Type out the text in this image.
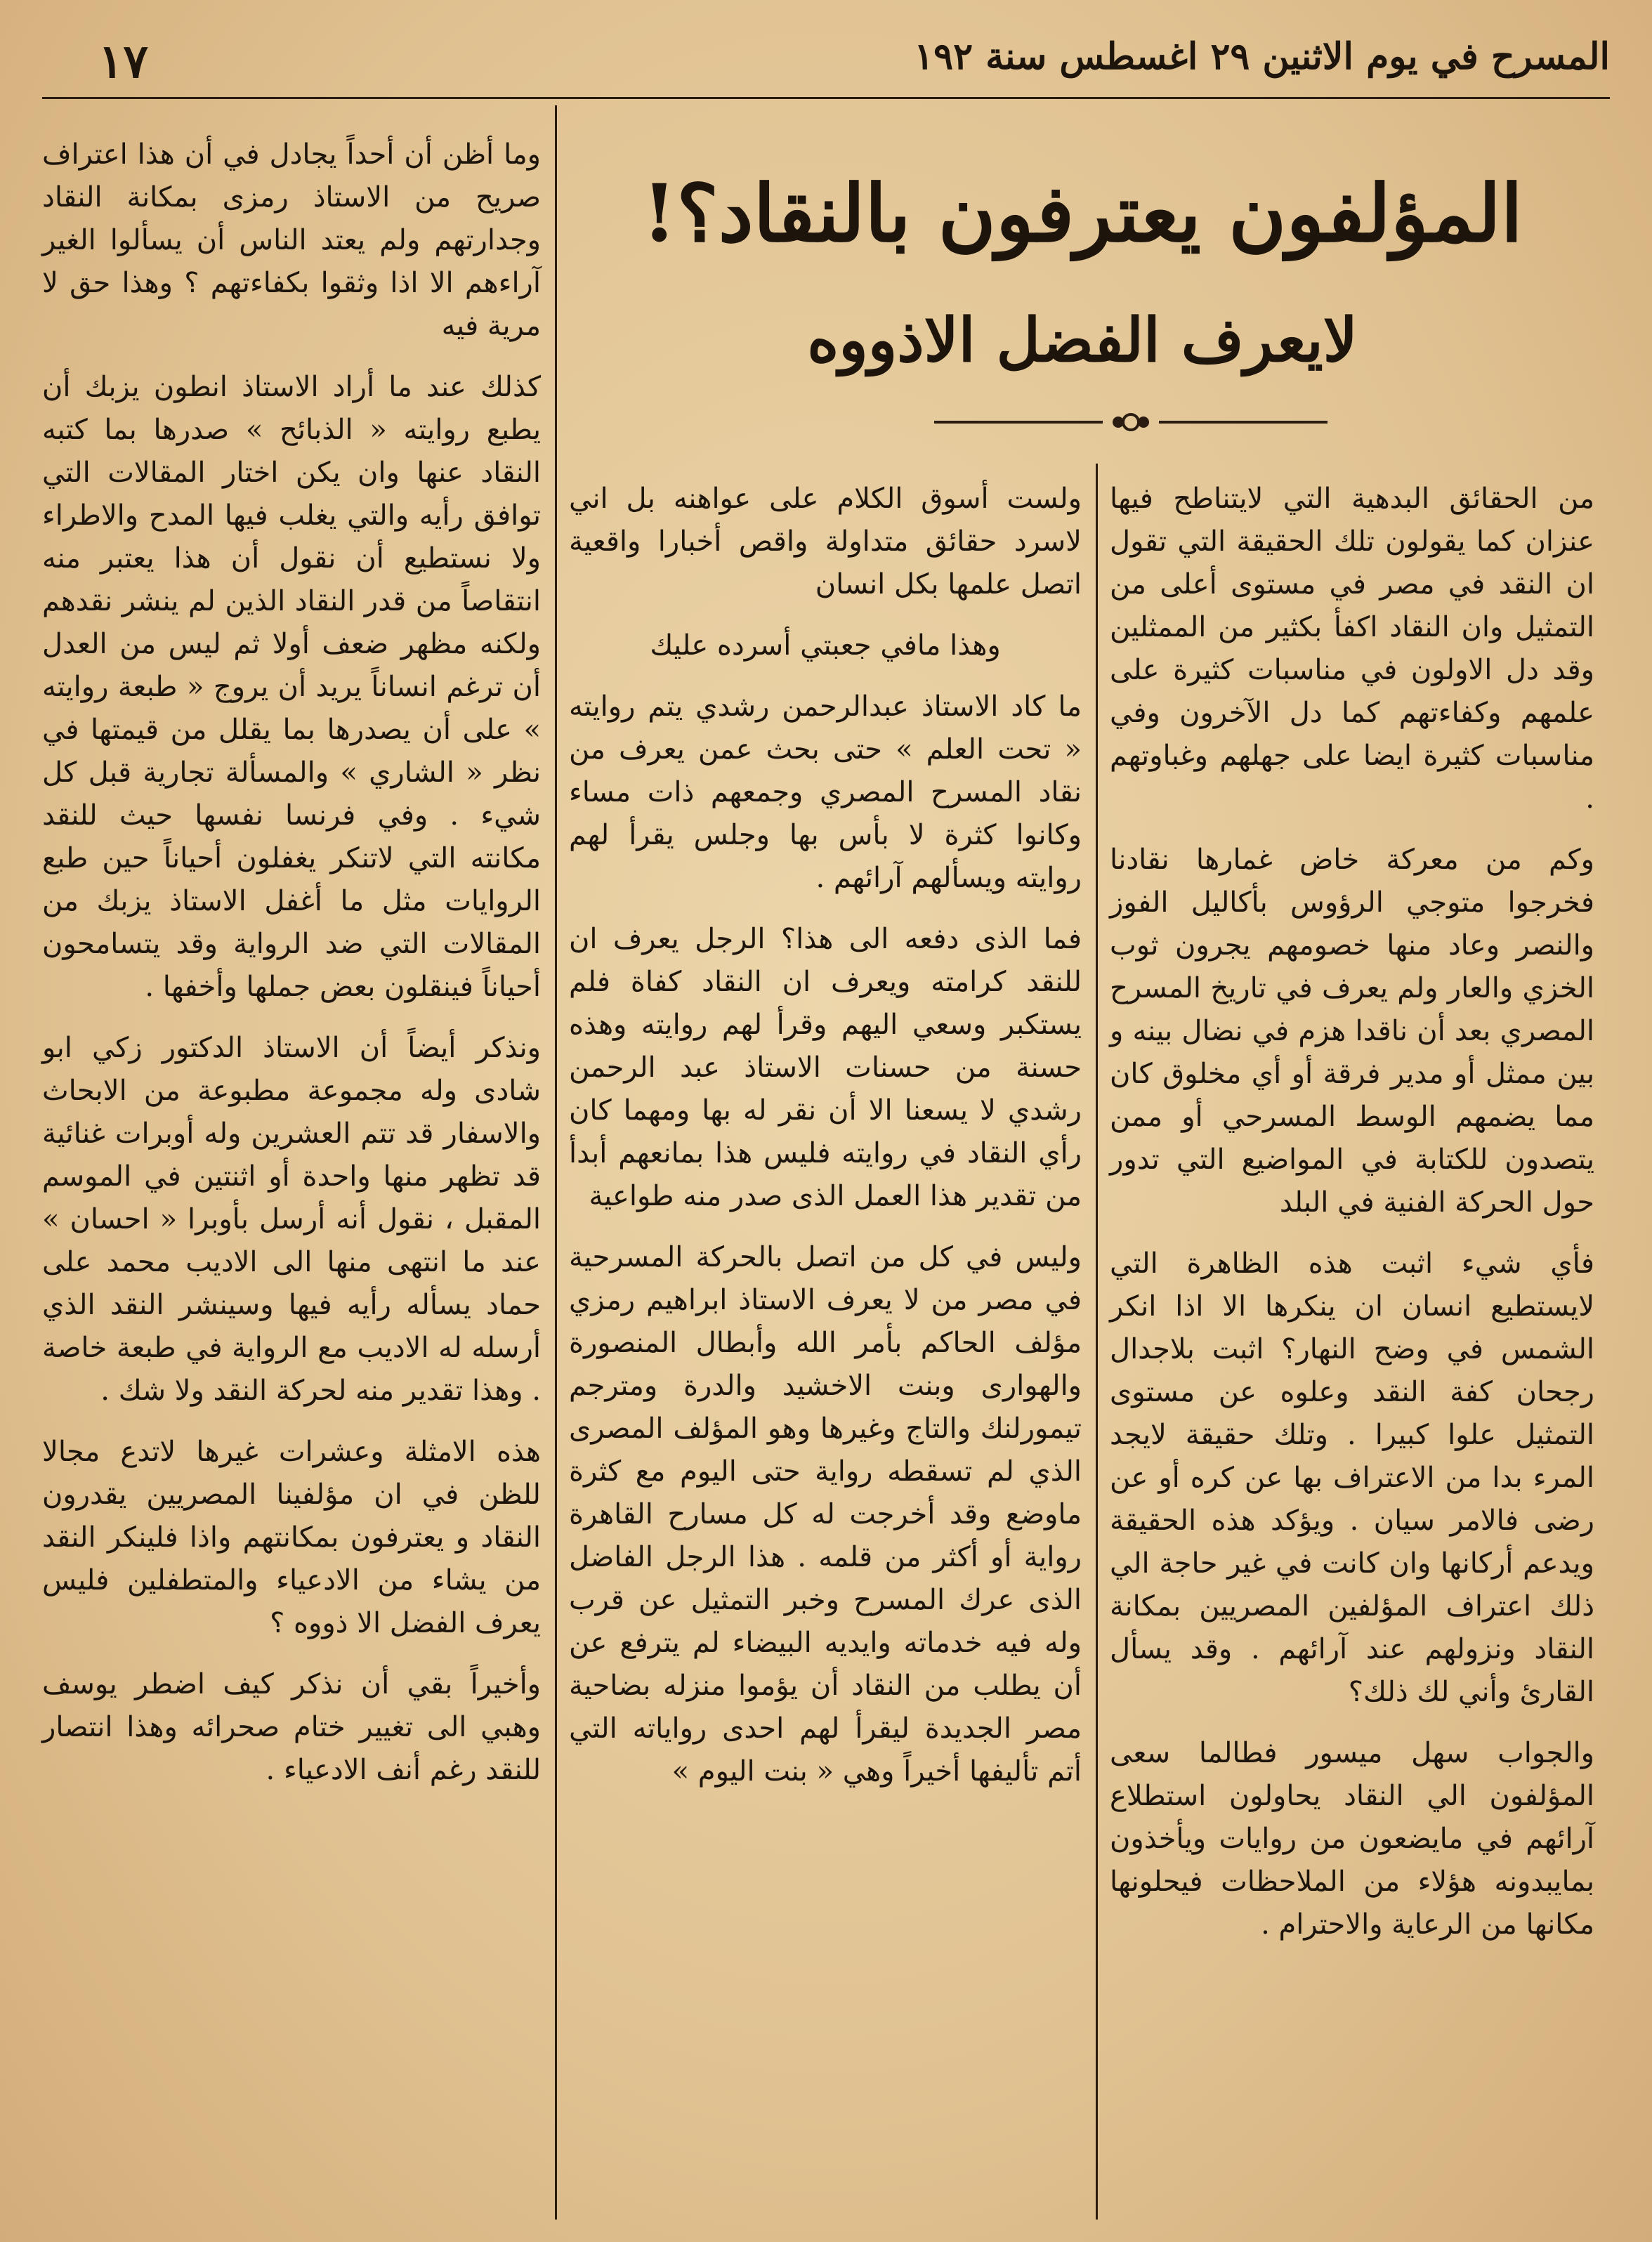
١٧	المسرح في يوم الاثنين ٢٩ اغسطس سنة ١٩٢
المؤلفون يعترفون بالنقاد؟!
لايعرف الفضل الاذووه

من الحقائق البدهية التي لايتناطح فيها عنزان كما يقولون تلك الحقيقة التي تقول ان النقد في مصر في مستوى أعلى من التمثيل وان النقاد اكفأ بكثير من الممثلين وقد دل الاولون في مناسبات كثيرة على علمهم وكفاءتهم كما دل الآخرون وفي مناسبات كثيرة ايضا على جهلهم وغباوتهم .

وكم من معركة خاض غمارها نقادنا فخرجوا متوجي الرؤوس بأكاليل الفوز والنصر وعاد منها خصومهم يجرون ثوب الخزي والعار ولم يعرف في تاريخ المسرح المصري بعد أن ناقدا هزم في نضال بينه و بين ممثل أو مدير فرقة أو أي مخلوق كان مما يضمهم الوسط المسرحي أو ممن يتصدون للكتابة في المواضيع التي تدور حول الحركة الفنية في البلد

فأي شيء اثبت هذه الظاهرة التي لايستطيع انسان ان ينكرها الا اذا انكر الشمس في وضح النهار؟ اثبت بلاجدال رجحان كفة النقد وعلوه عن مستوى التمثيل علوا كبيرا . وتلك حقيقة لايجد المرء بدا من الاعتراف بها عن كره أو عن رضى فالامر سيان . ويؤكد هذه الحقيقة ويدعم أركانها وان كانت في غير حاجة الي ذلك اعتراف المؤلفين المصريين بمكانة النقاد ونزولهم عند آرائهم . وقد يسأل القارئ وأني لك ذلك؟

والجواب سهل ميسور فطالما سعى المؤلفون الي النقاد يحاولون استطلاع آرائهم في مايضعون من روايات ويأخذون بمايبدونه هؤلاء من الملاحظات فيحلونها مكانها من الرعاية والاحترام .

ولست أسوق الكلام على عواهنه بل اني لاسرد حقائق متداولة واقص أخبارا واقعية اتصل علمها بكل انسان

وهذا مافي جعبتي أسرده عليك

ما كاد الاستاذ عبدالرحمن رشدي يتم روايته « تحت العلم » حتى بحث عمن يعرف من نقاد المسرح المصري وجمعهم ذات مساء وكانوا كثرة لا بأس بها وجلس يقرأ لهم روايته ويسألهم آرائهم .

فما الذى دفعه الى هذا؟ الرجل يعرف ان للنقد كرامته ويعرف ان النقاد كفاة فلم يستكبر وسعي اليهم وقرأ لهم روايته وهذه حسنة من حسنات الاستاذ عبد الرحمن رشدي لا يسعنا الا أن نقر له بها ومهما كان رأي النقاد في روايته فليس هذا بمانعهم أبدأ من تقدير هذا العمل الذى صدر منه طواعية

وليس في كل من اتصل بالحركة المسرحية في مصر من لا يعرف الاستاذ ابراهيم رمزي مؤلف الحاكم بأمر الله وأبطال المنصورة والهوارى وبنت الاخشيد والدرة ومترجم تيمورلنك والتاج وغيرها وهو المؤلف المصرى الذي لم تسقطه رواية حتى اليوم مع كثرة ماوضع وقد أخرجت له كل مسارح القاهرة رواية أو أكثر من قلمه . هذا الرجل الفاضل الذى عرك المسرح وخبر التمثيل عن قرب وله فيه خدماته وايديه البيضاء لم يترفع عن أن يطلب من النقاد أن يؤموا منزله بضاحية مصر الجديدة ليقرأ لهم احدى رواياته التي أتم تأليفها أخيراً وهي « بنت اليوم »

وما أظن أن أحداً يجادل في أن هذا اعتراف صريح من الاستاذ رمزى بمكانة النقاد وجدارتهم ولم يعتد الناس أن يسألوا الغير آراءهم الا اذا وثقوا بكفاءتهم ؟ وهذا حق لا مرية فيه

كذلك عند ما أراد الاستاذ انطون يزبك أن يطبع روايته « الذبائح » صدرها بما كتبه النقاد عنها وان يكن اختار المقالات التي توافق رأيه والتي يغلب فيها المدح والاطراء ولا نستطيع أن نقول أن هذا يعتبر منه انتقاصاً من قدر النقاد الذين لم ينشر نقدهم ولكنه مظهر ضعف أولا ثم ليس من العدل أن ترغم انساناً يريد أن يروج « طبعة روايته » على أن يصدرها بما يقلل من قيمتها في نظر « الشاري » والمسألة تجارية قبل كل شيء . وفي فرنسا نفسها حيث للنقد مكانته التي لاتنكر يغفلون أحياناً حين طبع الروايات مثل ما أغفل الاستاذ يزبك من المقالات التي ضد الرواية وقد يتسامحون أحياناً فينقلون بعض جملها وأخفها .

ونذكر أيضاً أن الاستاذ الدكتور زكي ابو شادى وله مجموعة مطبوعة من الابحاث والاسفار قد تتم العشرين وله أوبرات غنائية قد تظهر منها واحدة أو اثنتين في الموسم المقبل ، نقول أنه أرسل بأوبرا « احسان » عند ما انتهى منها الى الاديب محمد على حماد يسأله رأيه فيها وسينشر النقد الذي أرسله له الاديب مع الرواية في طبعة خاصة . وهذا تقدير منه لحركة النقد ولا شك .

هذه الامثلة وعشرات غيرها لاتدع مجالا للظن في ان مؤلفينا المصريين يقدرون النقاد و يعترفون بمكانتهم واذا فلينكر النقد من يشاء من الادعياء والمتطفلين فليس يعرف الفضل الا ذووه ؟

وأخيراً بقي أن نذكر كيف اضطر يوسف وهبي الى تغيير ختام صحرائه وهذا انتصار للنقد رغم أنف الادعياء .
